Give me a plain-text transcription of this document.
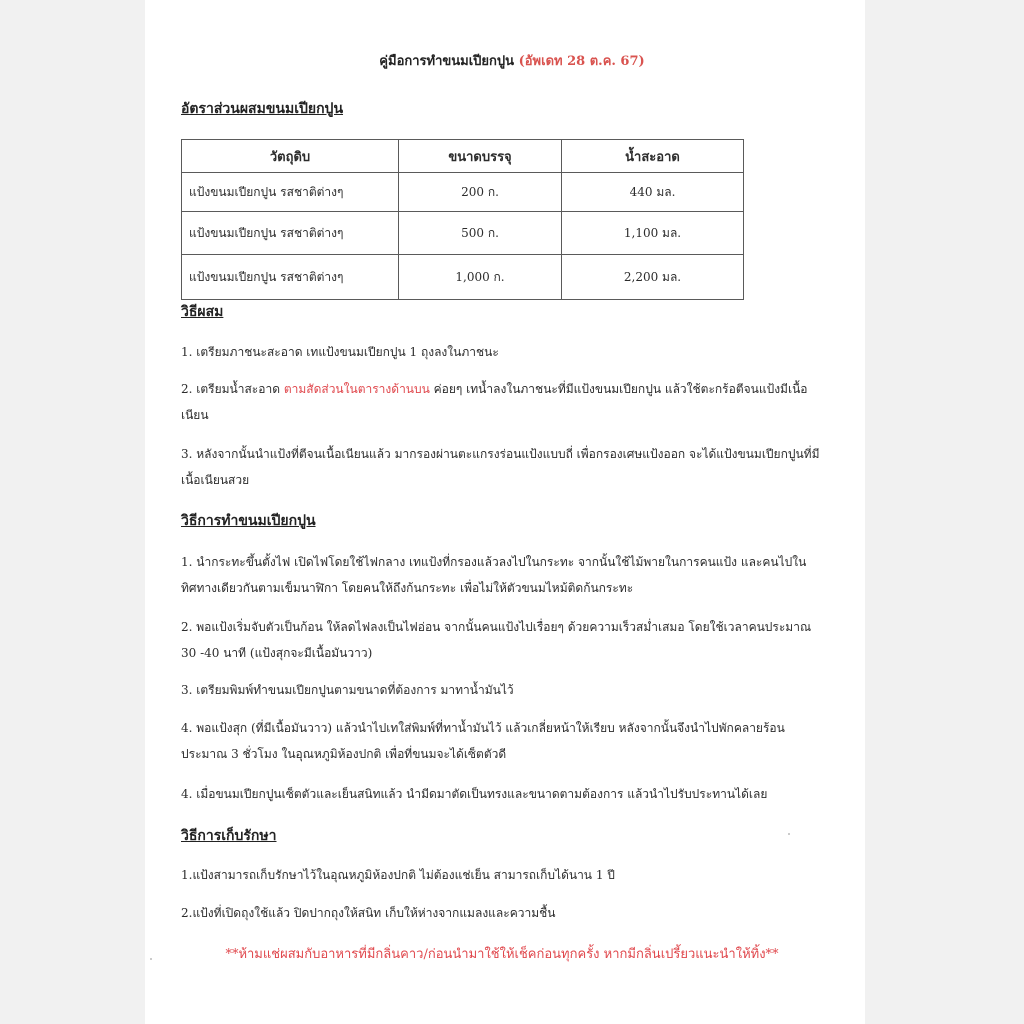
คู่มือการทำขนมเปียกปูน (อัพเดท 28 ต.ค. 67)
อัตราส่วนผสมขนมเปียกปูน
วัตถุดิบ	ขนาดบรรจุ	น้ำสะอาด
แป้งขนมเปียกปูน รสชาติต่างๆ	200 ก.	440 มล.
แป้งขนมเปียกปูน รสชาติต่างๆ	500 ก.	1,100 มล.
แป้งขนมเปียกปูน รสชาติต่างๆ	1,000 ก.	2,200 มล.
วิธีผสม
1. เตรียมภาชนะสะอาด เทแป้งขนมเปียกปูน 1 ถุงลงในภาชนะ
2. เตรียมน้ำสะอาด ตามสัดส่วนในตารางด้านบน ค่อยๆ เทน้ำลงในภาชนะที่มีแป้งขนมเปียกปูน แล้วใช้ตะกร้อตีจนแป้งมีเนื้อเนียน
3. หลังจากนั้นนำแป้งที่ตีจนเนื้อเนียนแล้ว มากรองผ่านตะแกรงร่อนแป้งแบบถี่ เพื่อกรองเศษแป้งออก จะได้แป้งขนมเปียกปูนที่มีเนื้อเนียนสวย
วิธีการทำขนมเปียกปูน
1. นำกระทะขึ้นตั้งไฟ เปิดไฟโดยใช้ไฟกลาง เทแป้งที่กรองแล้วลงไปในกระทะ จากนั้นใช้ไม้พายในการคนแป้ง และคนไปในทิศทางเดียวกันตามเข็มนาฬิกา โดยคนให้ถึงก้นกระทะ เพื่อไม่ให้ตัวขนมไหม้ติดก้นกระทะ
2. พอแป้งเริ่มจับตัวเป็นก้อน ให้ลดไฟลงเป็นไฟอ่อน จากนั้นคนแป้งไปเรื่อยๆ ด้วยความเร็วสม่ำเสมอ โดยใช้เวลาคนประมาณ 30 -40 นาที (แป้งสุกจะมีเนื้อมันวาว)
3. เตรียมพิมพ์ทำขนมเปียกปูนตามขนาดที่ต้องการ มาทาน้ำมันไว้
4. พอแป้งสุก (ที่มีเนื้อมันวาว) แล้วนำไปเทใส่พิมพ์ที่ทาน้ำมันไว้ แล้วเกลี่ยหน้าให้เรียบ หลังจากนั้นจึงนำไปพักคลายร้อนประมาณ 3 ชั่วโมง ในอุณหภูมิห้องปกติ เพื่อที่ขนมจะได้เซ็ตตัวดี
4. เมื่อขนมเปียกปูนเซ็ตตัวและเย็นสนิทแล้ว นำมีดมาตัดเป็นทรงและขนาดตามต้องการ แล้วนำไปรับประทานได้เลย
วิธีการเก็บรักษา
1.แป้งสามารถเก็บรักษาไว้ในอุณหภูมิห้องปกติ ไม่ต้องแช่เย็น สามารถเก็บได้นาน 1 ปี
2.แป้งที่เปิดถุงใช้แล้ว ปิดปากถุงให้สนิท เก็บให้ห่างจากแมลงและความชื้น
**ห้ามแช่ผสมกับอาหารที่มีกลิ่นคาว/ก่อนนำมาใช้ให้เช็คก่อนทุกครั้ง หากมีกลิ่นเปรี้ยวแนะนำให้ทิ้ง**
